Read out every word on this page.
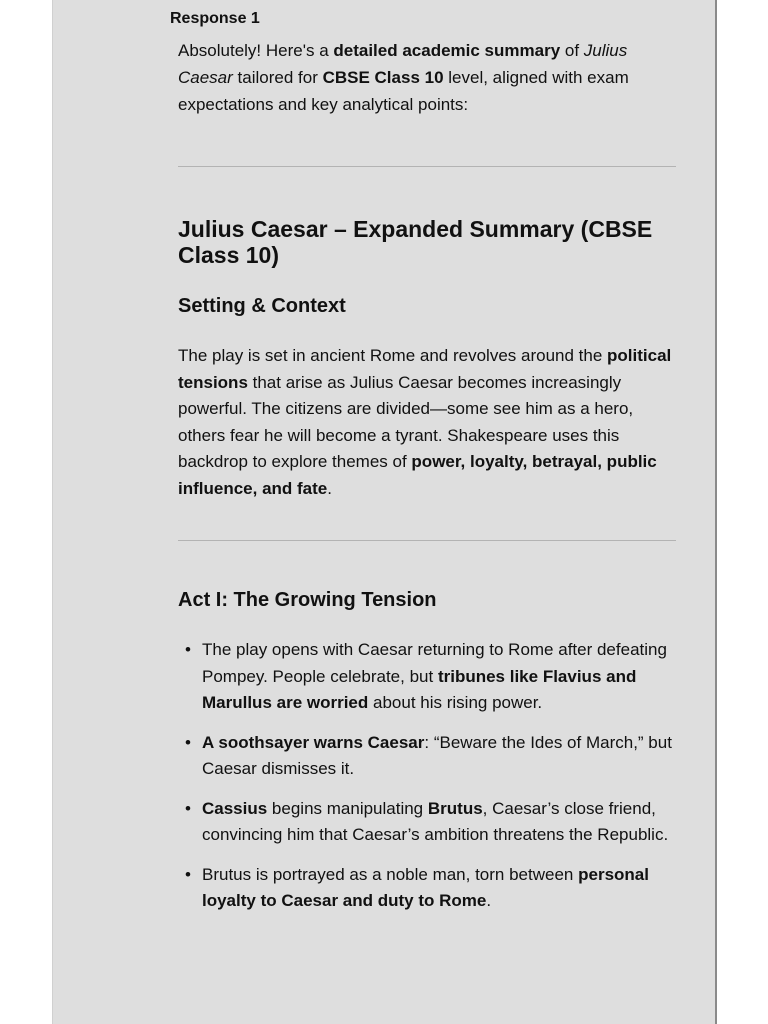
Response 1

Absolutely! Here's a detailed academic summary of Julius Caesar tailored for CBSE Class 10 level, aligned with exam expectations and key analytical points:

Julius Caesar – Expanded Summary (CBSE Class 10)
Setting & Context

The play is set in ancient Rome and revolves around the political tensions that arise as Julius Caesar becomes increasingly powerful. The citizens are divided—some see him as a hero, others fear he will become a tyrant. Shakespeare uses this backdrop to explore themes of power, loyalty, betrayal, public influence, and fate.

Act I: The Growing Tension
• The play opens with Caesar returning to Rome after defeating Pompey. People celebrate, but tribunes like Flavius and Marullus are worried about his rising power.
• A soothsayer warns Caesar: “Beware the Ides of March,” but Caesar dismisses it.
• Cassius begins manipulating Brutus, Caesar’s close friend, convincing him that Caesar’s ambition threatens the Republic.
• Brutus is portrayed as a noble man, torn between personal loyalty to Caesar and duty to Rome.
